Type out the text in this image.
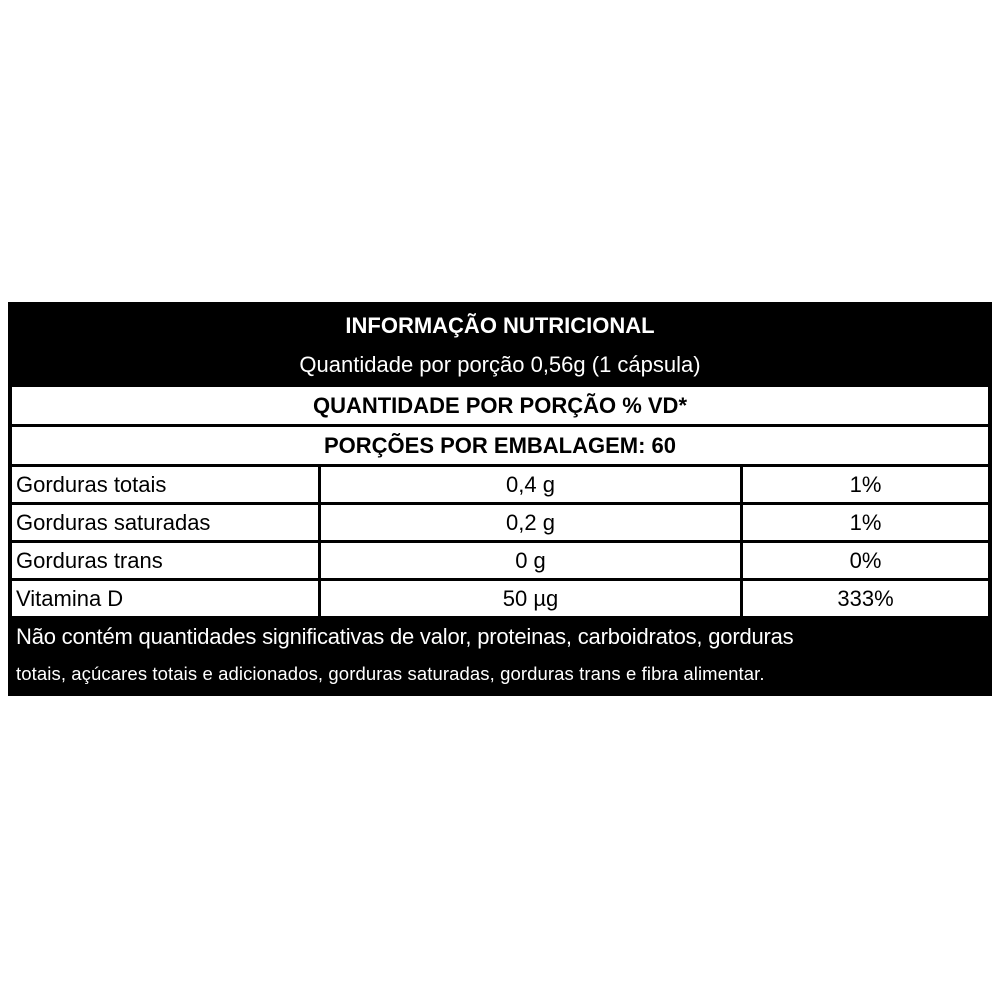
INFORMAÇÃO NUTRICIONAL
Quantidade por porção 0,56g (1 cápsula)
QUANTIDADE POR PORÇÃO % VD*
PORÇÕES POR EMBALAGEM: 60
Gorduras totais	0,4 g	1%
Gorduras saturadas	0,2 g	1%
Gorduras trans	0 g	0%
Vitamina D	50 µg	333%
Não contém quantidades significativas de valor, proteinas, carboidratos, gorduras
totais, açúcares totais e adicionados, gorduras saturadas, gorduras trans e fibra alimentar.
